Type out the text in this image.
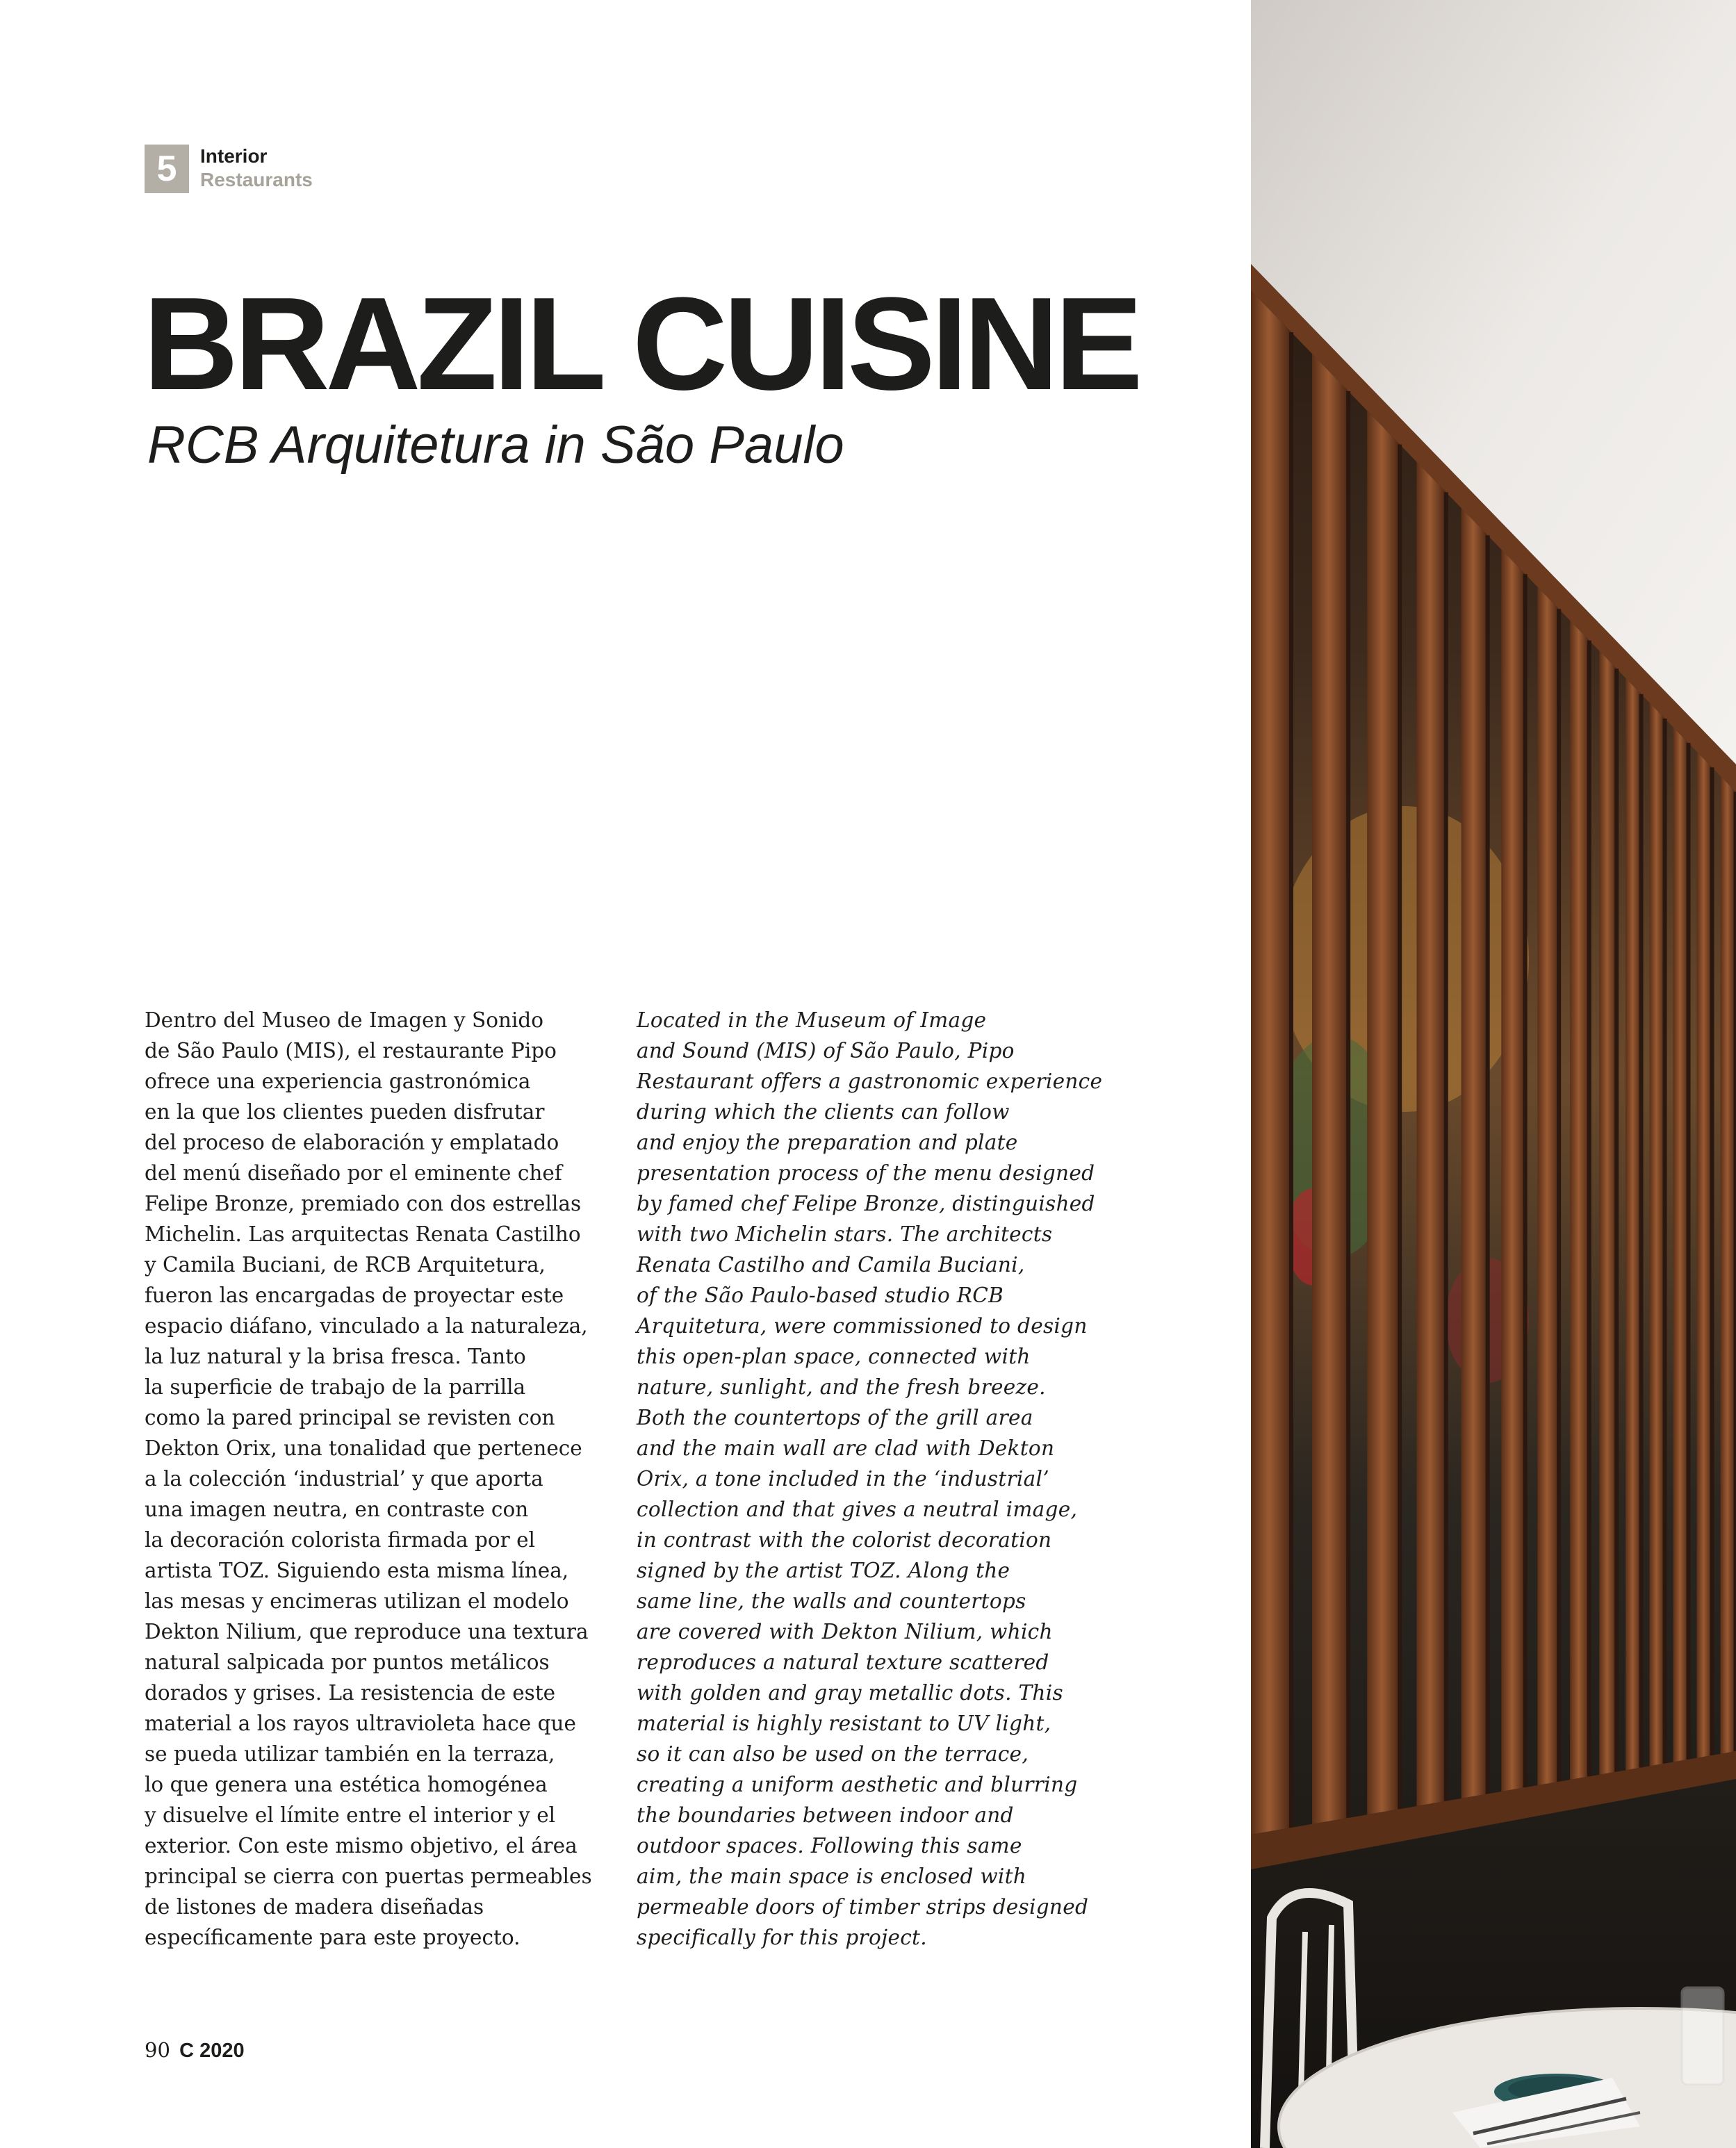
5	Interior
Restaurants
BRAZIL CUISINE
RCB Arquitetura in São Paulo
Dentro del Museo de Imagen y Sonido
de São Paulo (MIS), el restaurante Pipo
ofrece una experiencia gastronómica
en la que los clientes pueden disfrutar
del proceso de elaboración y emplatado
del menú diseñado por el eminente chef
Felipe Bronze, premiado con dos estrellas
Michelin. Las arquitectas Renata Castilho
y Camila Buciani, de RCB Arquitetura,
fueron las encargadas de proyectar este
espacio diáfano, vinculado a la naturaleza,
la luz natural y la brisa fresca. Tanto
la superficie de trabajo de la parrilla
como la pared principal se revisten con
Dekton Orix, una tonalidad que pertenece
a la colección ‘industrial’ y que aporta
una imagen neutra, en contraste con
la decoración colorista firmada por el
artista TOZ. Siguiendo esta misma línea,
las mesas y encimeras utilizan el modelo
Dekton Nilium, que reproduce una textura
natural salpicada por puntos metálicos
dorados y grises. La resistencia de este
material a los rayos ultravioleta hace que
se pueda utilizar también en la terraza,
lo que genera una estética homogénea
y disuelve el límite entre el interior y el
exterior. Con este mismo objetivo, el área
principal se cierra con puertas permeables
de listones de madera diseñadas
específicamente para este proyecto.
Located in the Museum of Image
and Sound (MIS) of São Paulo, Pipo
Restaurant offers a gastronomic experience
during which the clients can follow
and enjoy the preparation and plate
presentation process of the menu designed
by famed chef Felipe Bronze, distinguished
with two Michelin stars. The architects
Renata Castilho and Camila Buciani,
of the São Paulo-based studio RCB
Arquitetura, were commissioned to design
this open-plan space, connected with
nature, sunlight, and the fresh breeze.
Both the countertops of the grill area
and the main wall are clad with Dekton
Orix, a tone included in the ‘industrial’
collection and that gives a neutral image,
in contrast with the colorist decoration
signed by the artist TOZ. Along the
same line, the walls and countertops
are covered with Dekton Nilium, which
reproduces a natural texture scattered
with golden and gray metallic dots. This
material is highly resistant to UV light,
so it can also be used on the terrace,
creating a uniform aesthetic and blurring
the boundaries between indoor and
outdoor spaces. Following this same
aim, the main space is enclosed with
permeable doors of timber strips designed
specifically for this project.
90 C 2020
